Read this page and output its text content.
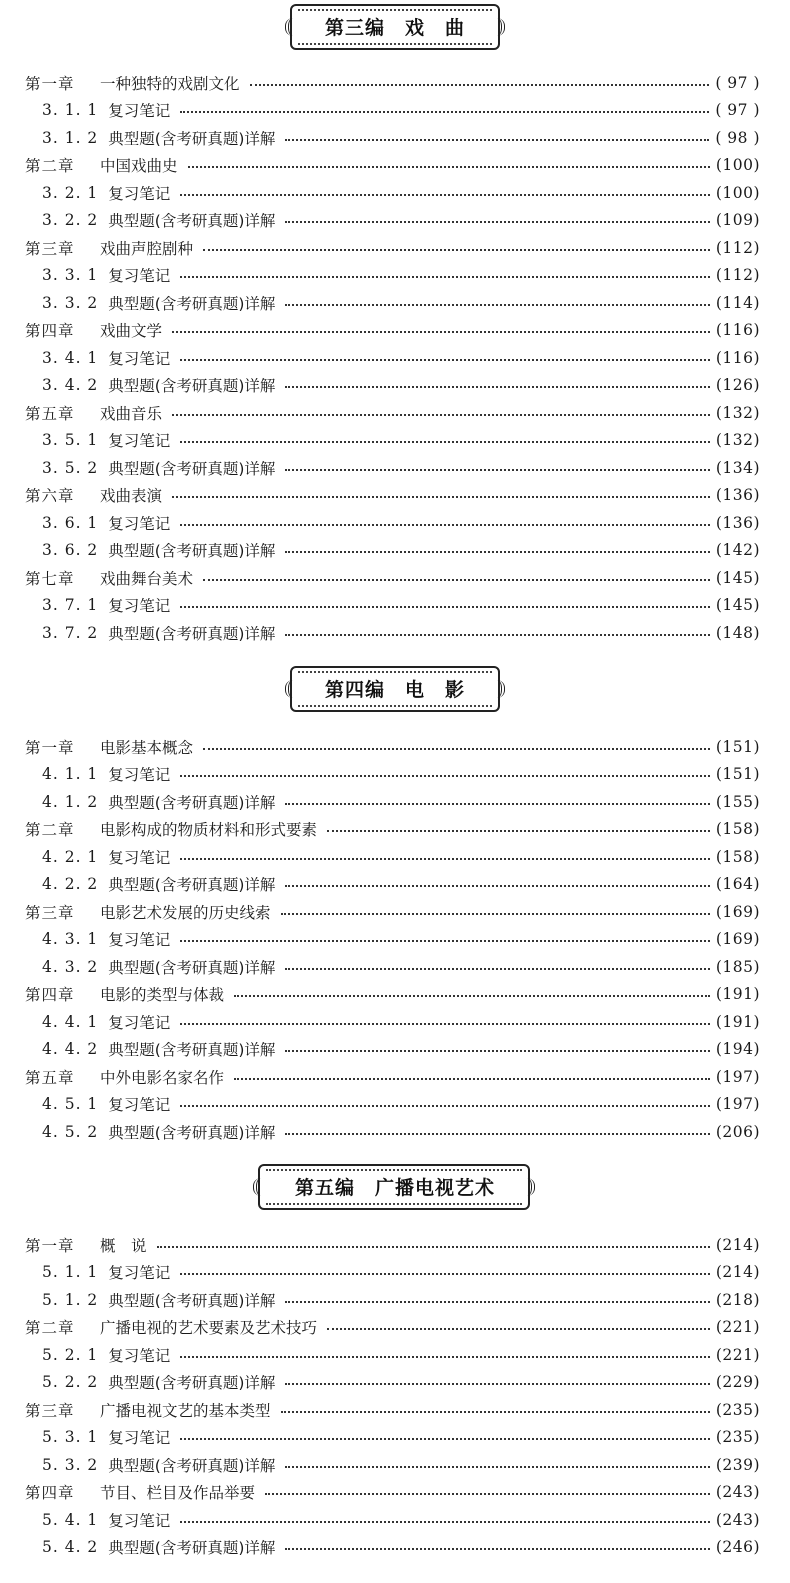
第三编　戏　曲
第一章	一种独特的戏剧文化	( 97 )
3. 1. 1 复习笔记	( 97 )
3. 1. 2 典型题(含考研真题)详解	( 98 )
第二章	中国戏曲史	(100)
3. 2. 1 复习笔记	(100)
3. 2. 2 典型题(含考研真题)详解	(109)
第三章	戏曲声腔剧种	(112)
3. 3. 1 复习笔记	(112)
3. 3. 2 典型题(含考研真题)详解	(114)
第四章	戏曲文学	(116)
3. 4. 1 复习笔记	(116)
3. 4. 2 典型题(含考研真题)详解	(126)
第五章	戏曲音乐	(132)
3. 5. 1 复习笔记	(132)
3. 5. 2 典型题(含考研真题)详解	(134)
第六章	戏曲表演	(136)
3. 6. 1 复习笔记	(136)
3. 6. 2 典型题(含考研真题)详解	(142)
第七章	戏曲舞台美术	(145)
3. 7. 1 复习笔记	(145)
3. 7. 2 典型题(含考研真题)详解	(148)
第四编　电　影
第一章	电影基本概念	(151)
4. 1. 1 复习笔记	(151)
4. 1. 2 典型题(含考研真题)详解	(155)
第二章	电影构成的物质材料和形式要素	(158)
4. 2. 1 复习笔记	(158)
4. 2. 2 典型题(含考研真题)详解	(164)
第三章	电影艺术发展的历史线索	(169)
4. 3. 1 复习笔记	(169)
4. 3. 2 典型题(含考研真题)详解	(185)
第四章	电影的类型与体裁	(191)
4. 4. 1 复习笔记	(191)
4. 4. 2 典型题(含考研真题)详解	(194)
第五章	中外电影名家名作	(197)
4. 5. 1 复习笔记	(197)
4. 5. 2 典型题(含考研真题)详解	(206)
第五编　广播电视艺术
第一章	概　说	(214)
5. 1. 1 复习笔记	(214)
5. 1. 2 典型题(含考研真题)详解	(218)
第二章	广播电视的艺术要素及艺术技巧	(221)
5. 2. 1 复习笔记	(221)
5. 2. 2 典型题(含考研真题)详解	(229)
第三章	广播电视文艺的基本类型	(235)
5. 3. 1 复习笔记	(235)
5. 3. 2 典型题(含考研真题)详解	(239)
第四章	节目、栏目及作品举要	(243)
5. 4. 1 复习笔记	(243)
5. 4. 2 典型题(含考研真题)详解	(246)
